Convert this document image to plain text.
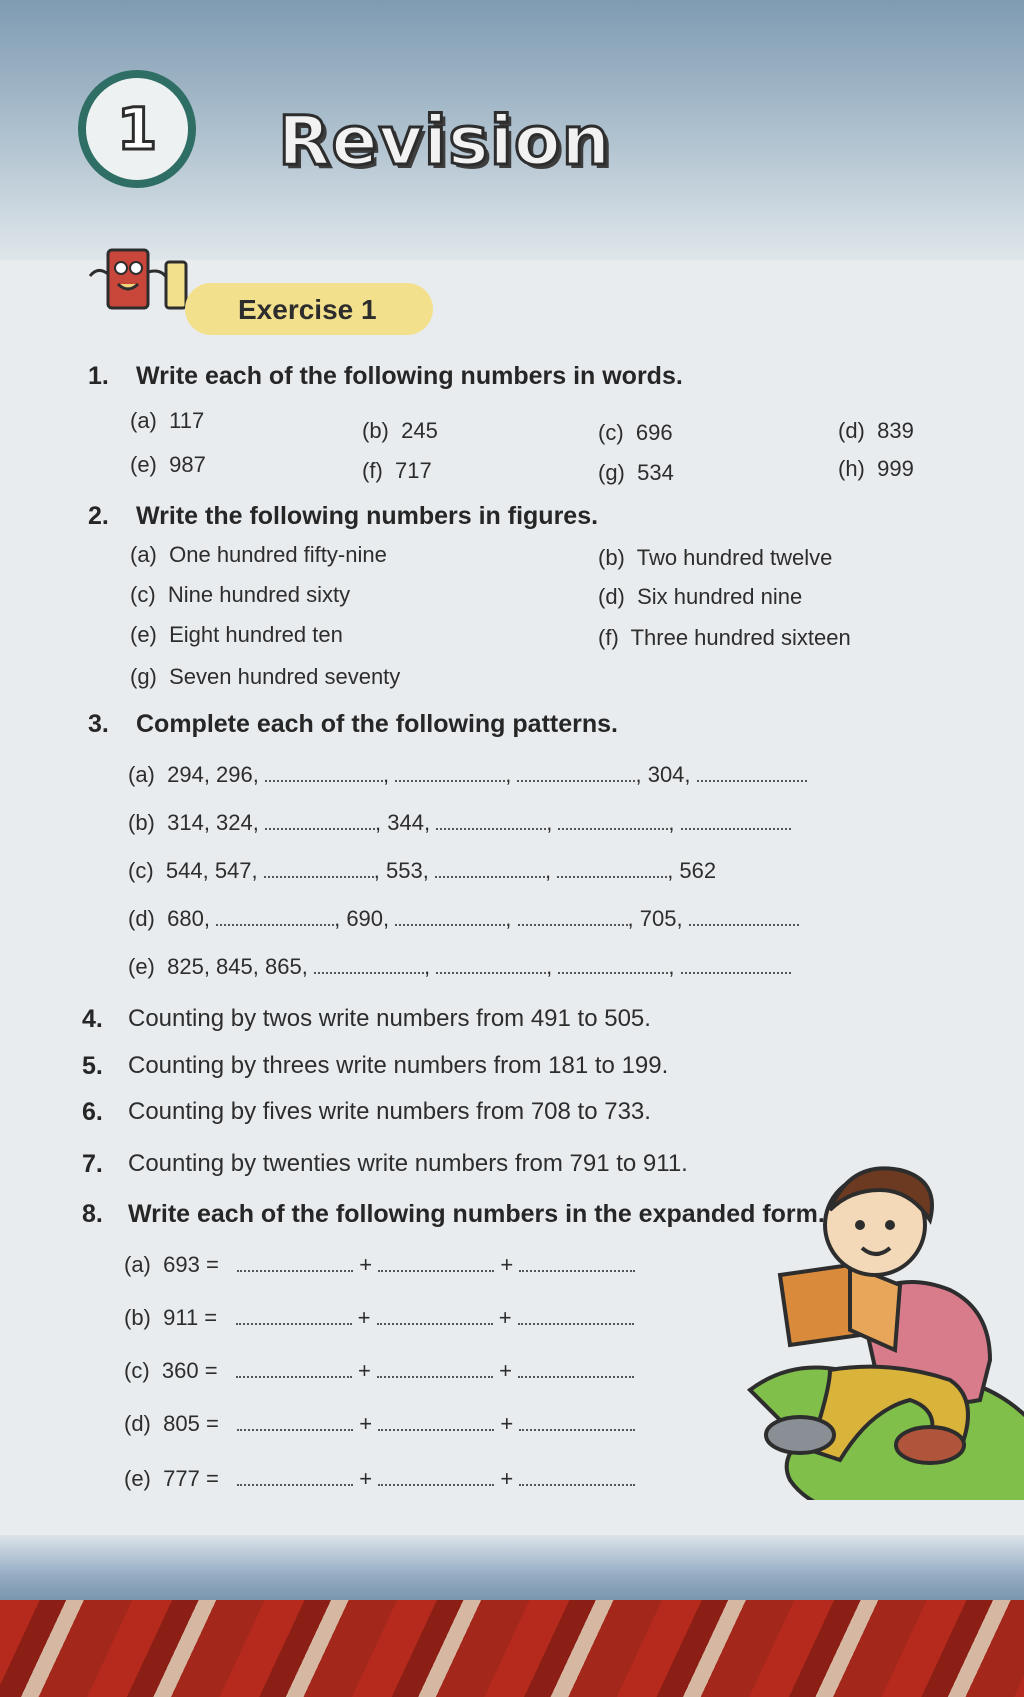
1 Revision
Exercise 1
1. Write each of the following numbers in words.
(a) 117	(b) 245	(c) 696	(d) 839
(e) 987	(f) 717	(g) 534	(h) 999
2. Write the following numbers in figures.
(a) One hundred fifty-nine	(b) Two hundred twelve
(c) Nine hundred sixty	(d) Six hundred nine
(e) Eight hundred ten	(f) Three hundred sixteen
(g) Seven hundred seventy
3. Complete each of the following patterns.
(a) 294, 296,	,	,	, 304,
(b) 314, 324,	, 344,	,	,
(c) 544, 547,	, 553,	,	, 562
(d) 680,	, 690,	,	, 705,
(e) 825, 845, 865,	,	,	,
4. Counting by twos write numbers from 491 to 505.
5. Counting by threes write numbers from 181 to 199.
6. Counting by fives write numbers from 708 to 733.
7. Counting by twenties write numbers from 791 to 911.
8. Write each of the following numbers in the expanded form.
(a) 693 =	+	+
(b) 911 =	+	+
(c) 360 =	+	+
(d) 805 =	+	+
(e) 777 =	+	+
